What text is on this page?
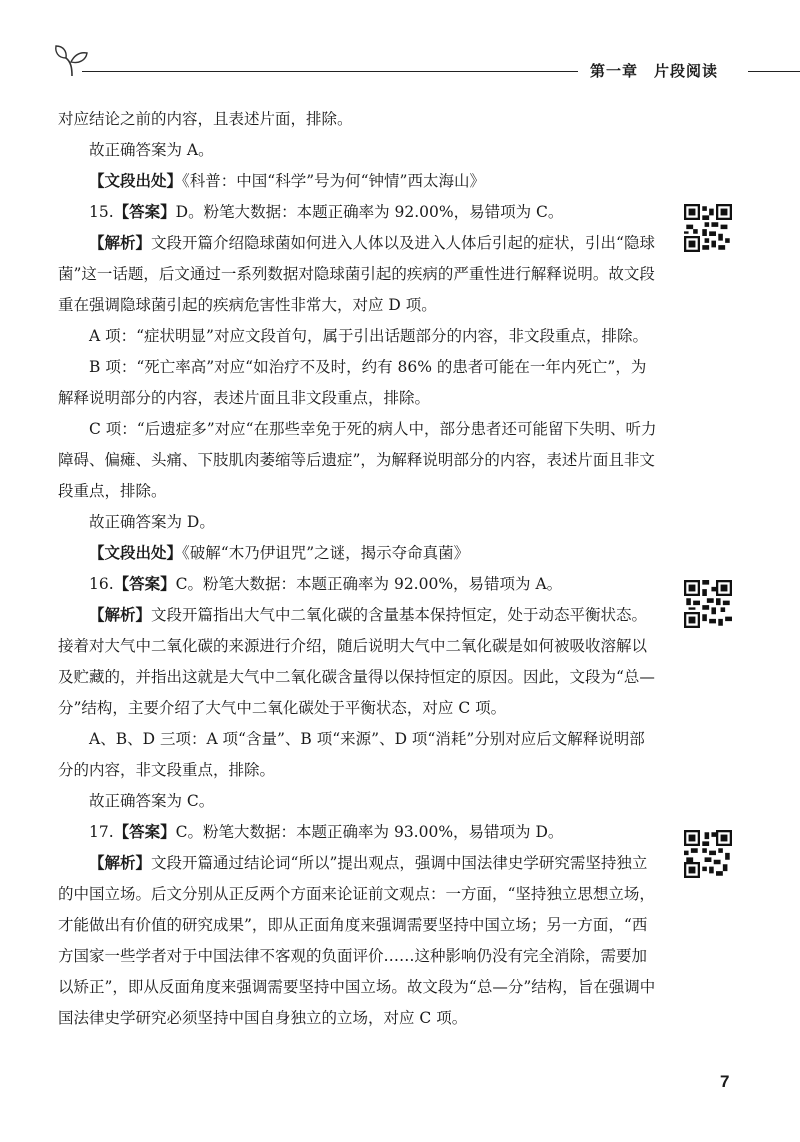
第一章　片段阅读

对应结论之前的内容，且表述片面，排除。

故正确答案为 A。

【文段出处】《科普：中国“科学”号为何“钟情”西太海山》

15.【答案】D。粉笔大数据：本题正确率为 92.00%，易错项为 C。

【解析】文段开篇介绍隐球菌如何进入人体以及进入人体后引起的症状，引出“隐球菌”这一话题，后文通过一系列数据对隐球菌引起的疾病的严重性进行解释说明。故文段重在强调隐球菌引起的疾病危害性非常大，对应 D 项。

A 项：“症状明显”对应文段首句，属于引出话题部分的内容，非文段重点，排除。

B 项：“死亡率高”对应“如治疗不及时，约有 86% 的患者可能在一年内死亡”，为解释说明部分的内容，表述片面且非文段重点，排除。

C 项：“后遗症多”对应“在那些幸免于死的病人中，部分患者还可能留下失明、听力障碍、偏瘫、头痛、下肢肌肉萎缩等后遗症”，为解释说明部分的内容，表述片面且非文段重点，排除。

故正确答案为 D。

【文段出处】《破解“木乃伊诅咒”之谜，揭示夺命真菌》

16.【答案】C。粉笔大数据：本题正确率为 92.00%，易错项为 A。

【解析】文段开篇指出大气中二氧化碳的含量基本保持恒定，处于动态平衡状态。接着对大气中二氧化碳的来源进行介绍，随后说明大气中二氧化碳是如何被吸收溶解以及贮藏的，并指出这就是大气中二氧化碳含量得以保持恒定的原因。因此，文段为“总—分”结构，主要介绍了大气中二氧化碳处于平衡状态，对应 C 项。

A、B、D 三项：A 项“含量”、B 项“来源”、D 项“消耗”分别对应后文解释说明部分的内容，非文段重点，排除。

故正确答案为 C。

17.【答案】C。粉笔大数据：本题正确率为 93.00%，易错项为 D。

【解析】文段开篇通过结论词“所以”提出观点，强调中国法律史学研究需坚持独立的中国立场。后文分别从正反两个方面来论证前文观点：一方面，“坚持独立思想立场，才能做出有价值的研究成果”，即从正面角度来强调需要坚持中国立场；另一方面，“西方国家一些学者对于中国法律不客观的负面评价……这种影响仍没有完全消除，需要加以矫正”，即从反面角度来强调需要坚持中国立场。故文段为“总—分”结构，旨在强调中国法律史学研究必须坚持中国自身独立的立场，对应 C 项。

7
